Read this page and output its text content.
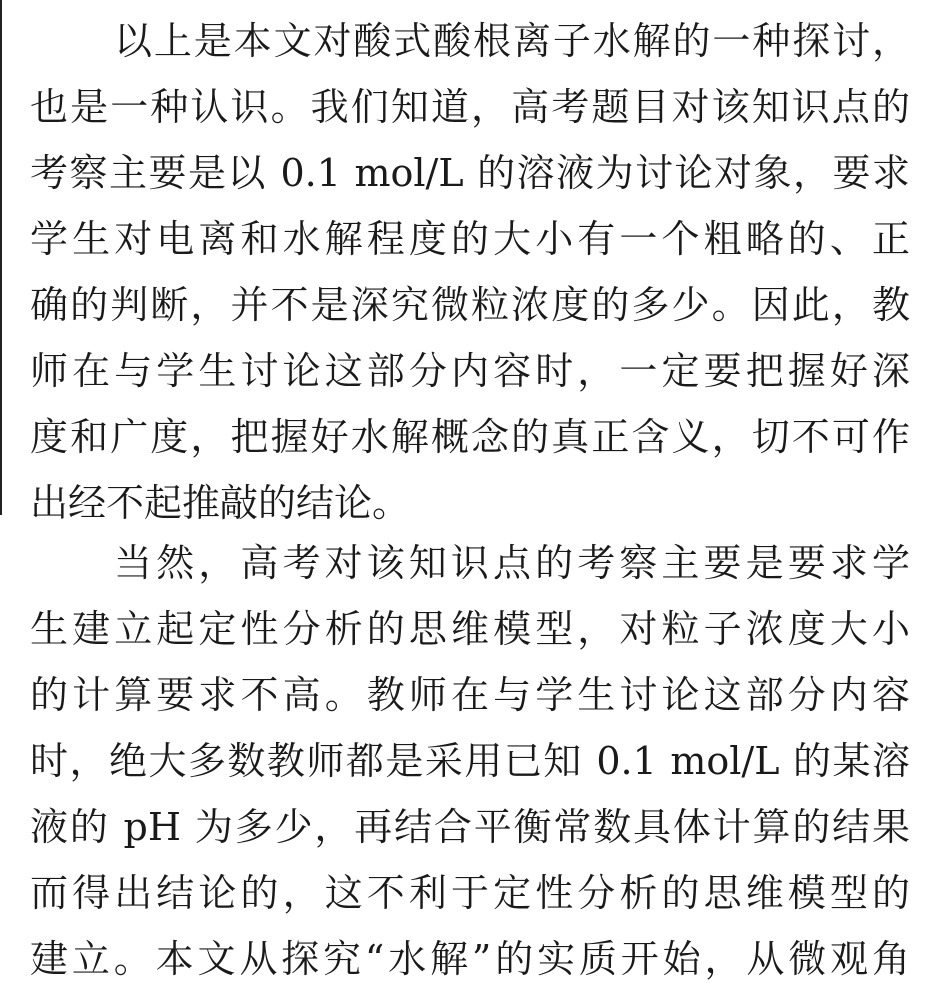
以上是本文对酸式酸根离子水解的一种探讨，
也是一种认识。我们知道，高考题目对该知识点的
考察主要是以 0.1 mol/L 的溶液为讨论对象，要求
学生对电离和水解程度的大小有一个粗略的、正
确的判断，并不是深究微粒浓度的多少。因此，教
师在与学生讨论这部分内容时，一定要把握好深
度和广度，把握好水解概念的真正含义，切不可作
出经不起推敲的结论。
当然，高考对该知识点的考察主要是要求学
生建立起定性分析的思维模型，对粒子浓度大小
的计算要求不高。教师在与学生讨论这部分内容
时，绝大多数教师都是采用已知 0.1 mol/L 的某溶
液的 pH 为多少，再结合平衡常数具体计算的结果
而得出结论的，这不利于定性分析的思维模型的
建立。本文从探究“水解”的实质开始，从微观角
